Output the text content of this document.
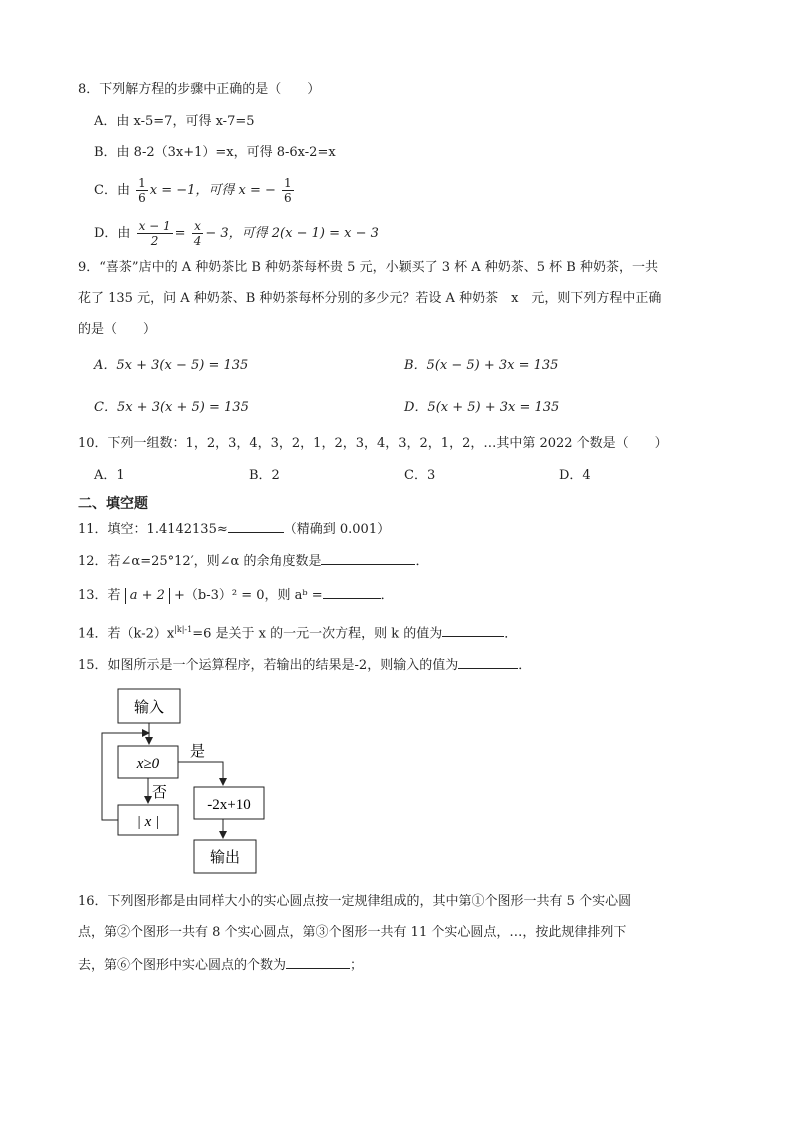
8．下列解方程的步骤中正确的是（　　）
A．由 x-5=7，可得 x-7=5
B．由 8-2（3x+1）=x，可得 8-6x-2=x
C．由 $\frac{1}{6}$ x = −1，可得 x = − $\frac{1}{6}$
D．由 $\frac{x - 1}{2} = \frac{x}{4} - 3$，可得 2(x − 1) = x − 3
9．“喜茶”店中的 A 种奶茶比 B 种奶茶每杯贵 5 元，小颖买了 3 杯 A 种奶茶、5 杯 B 种奶茶，一共
花了 135 元，问 A 种奶茶、B 种奶茶每杯分别的多少元？若设 A 种奶茶　x　元，则下列方程中正确
的是（　　）
A．5x + 3(x − 5) = 135	B．5(x − 5) + 3x = 135
C．5x + 3(x + 5) = 135	D．5(x + 5) + 3x = 135
10．下列一组数：1，2，3，4，3，2，1，2，3，4，3，2，1，2，…其中第 2022 个数是（　　）
A．1	B．2	C．3	D．4
二、填空题
11．填空：1.4142135≈	（精确到 0.001）
12．若∠α=25°12′，则∠α 的余角度数是	．
13．若 a + 2 +（b-3）² = 0，则 aᵇ =	．
14．若$(k-2)x^{|k|-1}=6$ 是关于 x 的一元一次方程，则 k 的值为	．
15．如图所示是一个运算程序，若输出的结果是-2，则输入的值为	．
输入
x≥0
是
否
| x |
-2x+10
输出
16．下列图形都是由同样大小的实心圆点按一定规律组成的，其中第①个图形一共有 5 个实心圆
点，第②个图形一共有 8 个实心圆点，第③个图形一共有 11 个实心圆点，…，按此规律排列下
去，第⑥个图形中实心圆点的个数为	；
